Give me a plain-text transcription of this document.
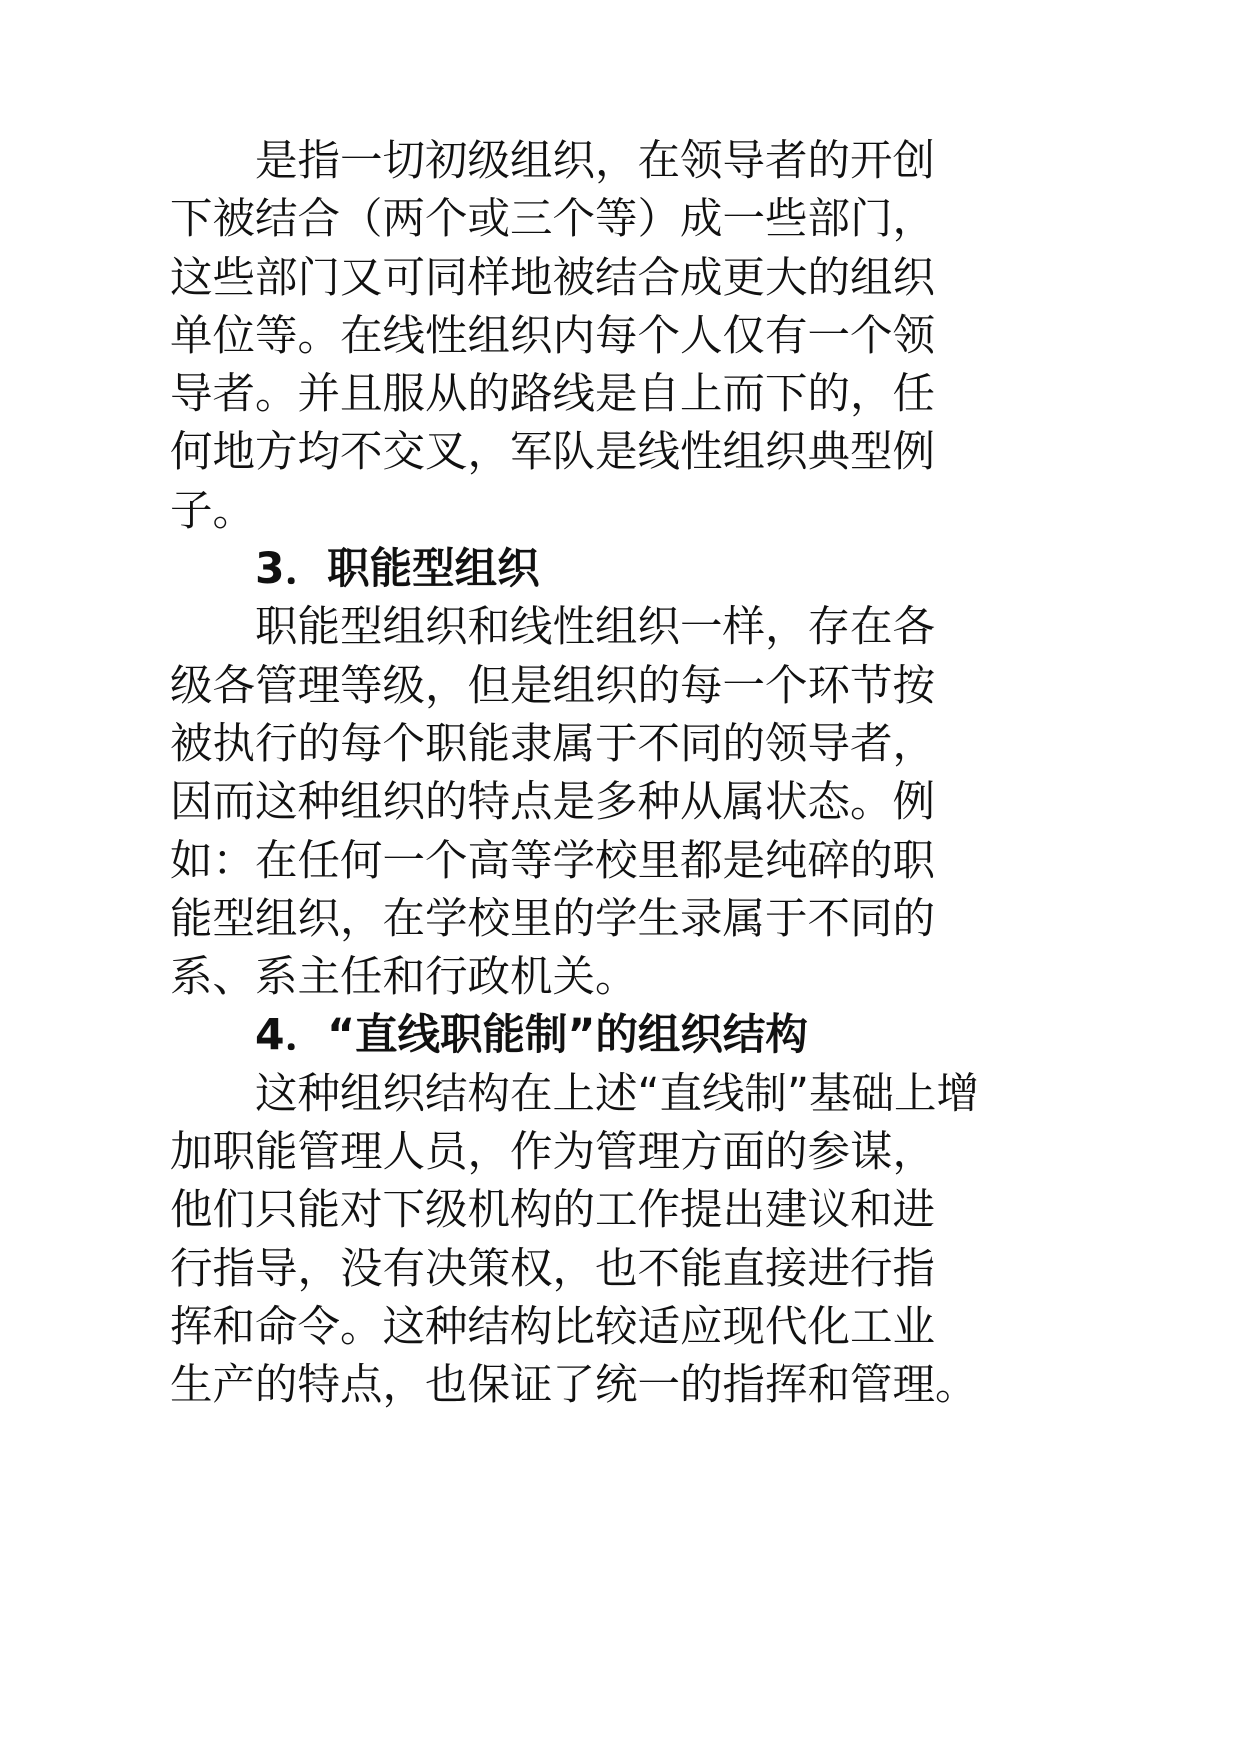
是指一切初级组织，在领导者的开创
下被结合（两个或三个等）成一些部门，
这些部门又可同样地被结合成更大的组织
单位等。在线性组织内每个人仅有一个领
导者。并且服从的路线是自上而下的，任
何地方均不交叉，军队是线性组织典型例
子。
3．职能型组织
职能型组织和线性组织一样，存在各
级各管理等级，但是组织的每一个环节按
被执行的每个职能隶属于不同的领导者，
因而这种组织的特点是多种从属状态。例
如：在任何一个高等学校里都是纯碎的职
能型组织，在学校里的学生录属于不同的
系、系主任和行政机关。
4．“直线职能制”的组织结构
这种组织结构在上述“直线制”基础上增
加职能管理人员，作为管理方面的参谋，
他们只能对下级机构的工作提出建议和进
行指导，没有决策权，也不能直接进行指
挥和命令。这种结构比较适应现代化工业
生产的特点，也保证了统一的指挥和管理。
